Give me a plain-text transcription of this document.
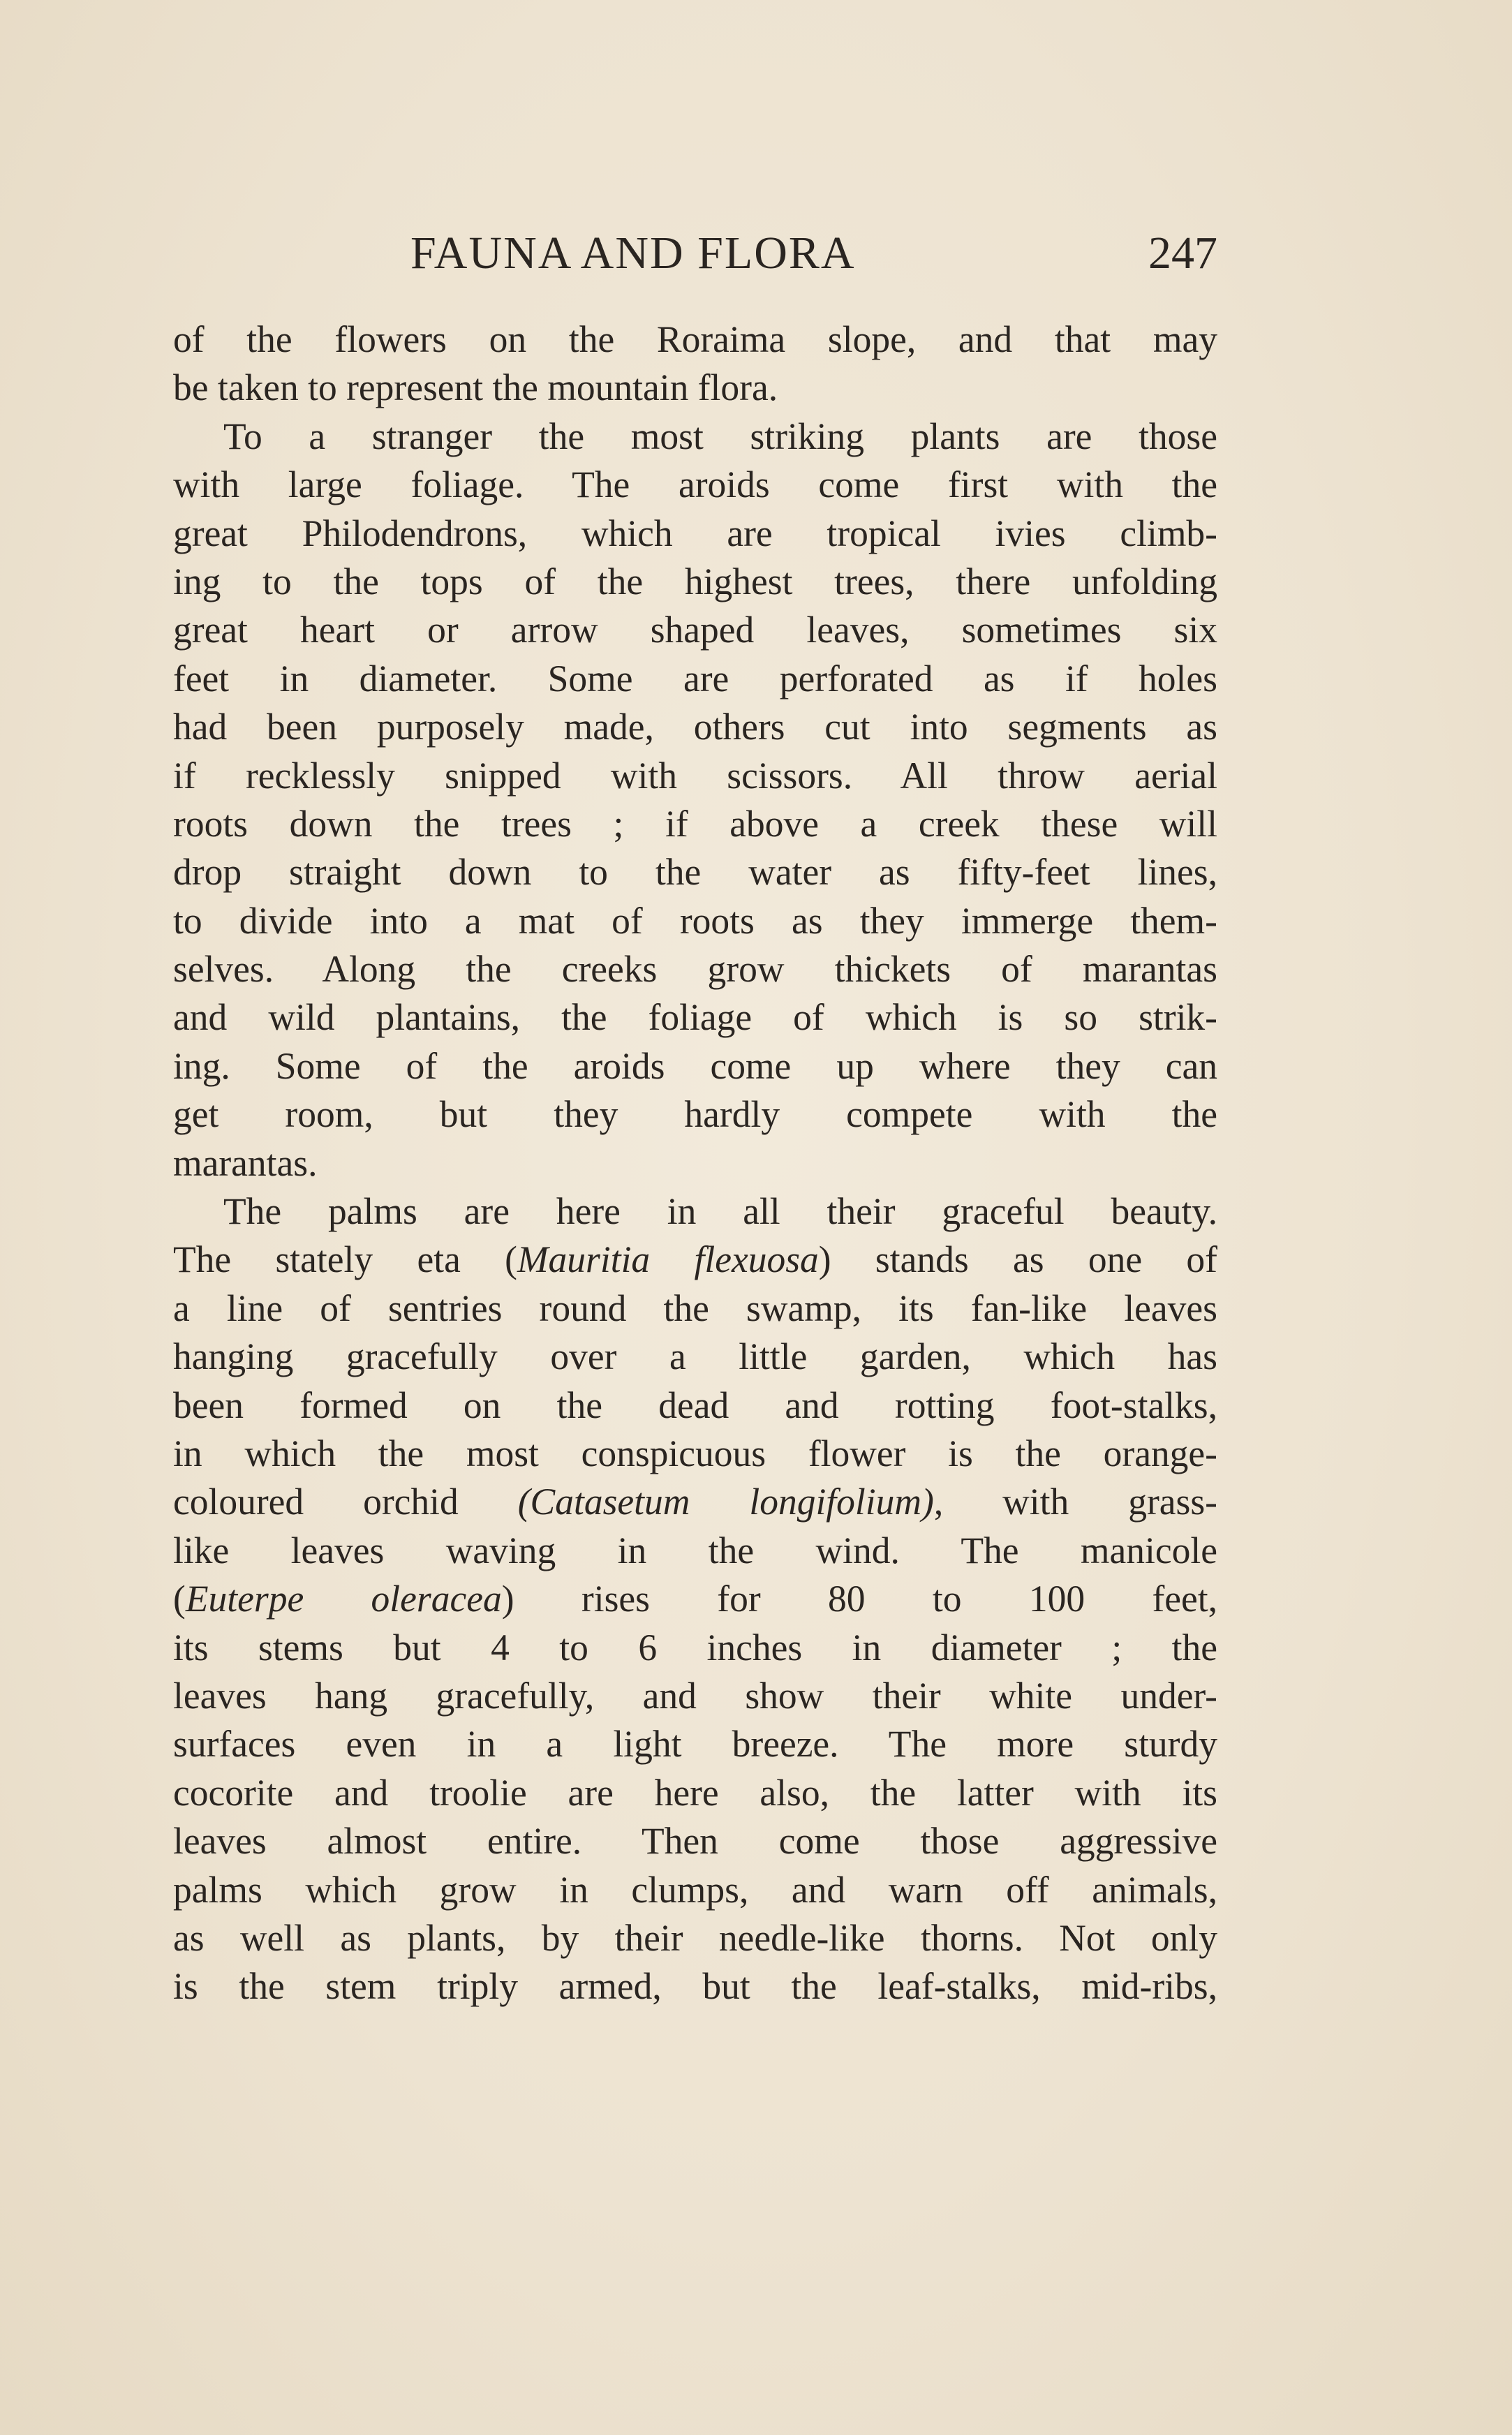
FAUNA AND FLORA	247
of the flowers on the Roraima slope, and that may
be taken to represent the mountain flora.
To a stranger the most striking plants are those
with large foliage. The aroids come first with the
great Philodendrons, which are tropical ivies climb-
ing to the tops of the highest trees, there unfolding
great heart or arrow shaped leaves, sometimes six
feet in diameter. Some are perforated as if holes
had been purposely made, others cut into segments as
if recklessly snipped with scissors. All throw aerial
roots down the trees ; if above a creek these will
drop straight down to the water as fifty-feet lines,
to divide into a mat of roots as they immerge them-
selves. Along the creeks grow thickets of marantas
and wild plantains, the foliage of which is so strik-
ing. Some of the aroids come up where they can
get room, but they hardly compete with the
marantas.
The palms are here in all their graceful beauty.
The stately eta (Mauritia flexuosa) stands as one of
a line of sentries round the swamp, its fan-like leaves
hanging gracefully over a little garden, which has
been formed on the dead and rotting foot-stalks,
in which the most conspicuous flower is the orange-
coloured orchid (Catasetum longifolium), with grass-
like leaves waving in the wind. The manicole
(Euterpe oleracea) rises for 80 to 100 feet,
its stems but 4 to 6 inches in diameter ; the
leaves hang gracefully, and show their white under-
surfaces even in a light breeze. The more sturdy
cocorite and troolie are here also, the latter with its
leaves almost entire. Then come those aggressive
palms which grow in clumps, and warn off animals,
as well as plants, by their needle-like thorns. Not only
is the stem triply armed, but the leaf-stalks, mid-ribs,
